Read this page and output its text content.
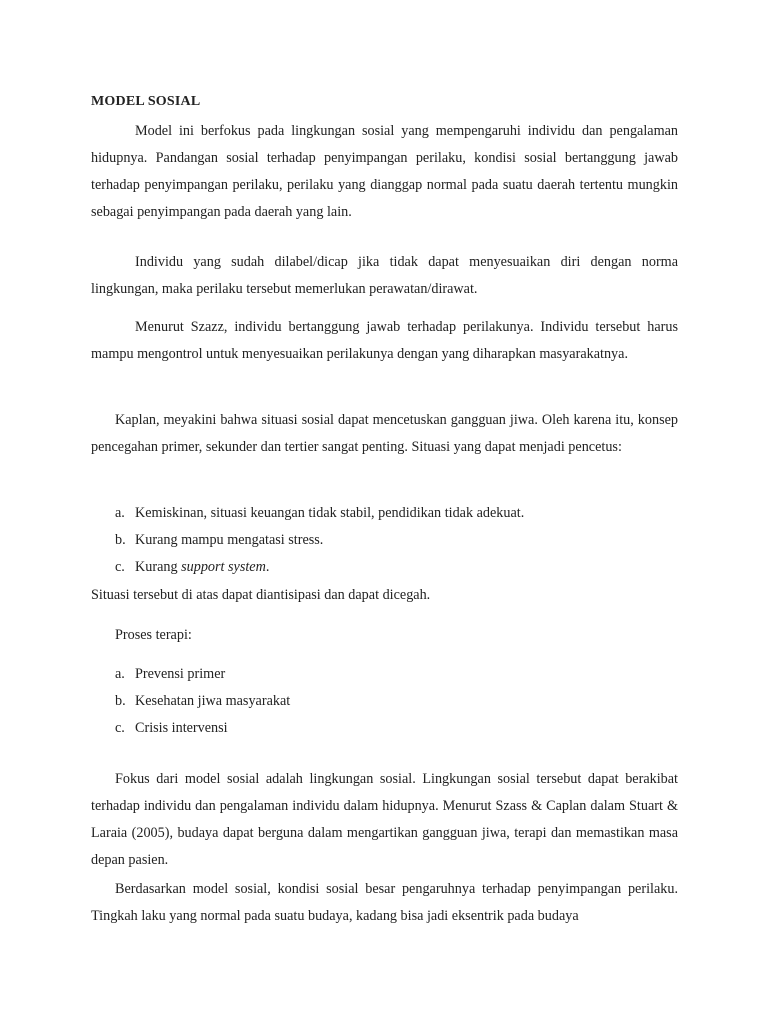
MODEL SOSIAL

Model ini berfokus pada lingkungan sosial yang mempengaruhi individu dan pengalaman hidupnya. Pandangan sosial terhadap penyimpangan perilaku, kondisi sosial bertanggung jawab terhadap penyimpangan perilaku, perilaku yang dianggap normal pada suatu daerah tertentu mungkin sebagai penyimpangan pada daerah yang lain.

Individu yang sudah dilabel/dicap jika tidak dapat menyesuaikan diri dengan norma lingkungan, maka perilaku tersebut memerlukan perawatan/dirawat.

Menurut Szazz, individu bertanggung jawab terhadap perilakunya. Individu tersebut harus mampu mengontrol untuk menyesuaikan perilakunya dengan yang diharapkan masyarakatnya.

Kaplan, meyakini bahwa situasi sosial dapat mencetuskan gangguan jiwa. Oleh karena itu, konsep pencegahan primer, sekunder dan tertier sangat penting. Situasi yang dapat menjadi pencetus:

a. Kemiskinan, situasi keuangan tidak stabil, pendidikan tidak adekuat.
b. Kurang mampu mengatasi stress.
c. Kurang support system.

Situasi tersebut di atas dapat diantisipasi dan dapat dicegah.

Proses terapi:

a. Prevensi primer
b. Kesehatan jiwa masyarakat
c. Crisis intervensi

Fokus dari model sosial adalah lingkungan sosial. Lingkungan sosial tersebut dapat berakibat terhadap individu dan pengalaman individu dalam hidupnya. Menurut Szass & Caplan dalam Stuart & Laraia (2005), budaya dapat berguna dalam mengartikan gangguan jiwa, terapi dan memastikan masa depan pasien.

Berdasarkan model sosial, kondisi sosial besar pengaruhnya terhadap penyimpangan perilaku. Tingkah laku yang normal pada suatu budaya, kadang bisa jadi eksentrik pada budaya
